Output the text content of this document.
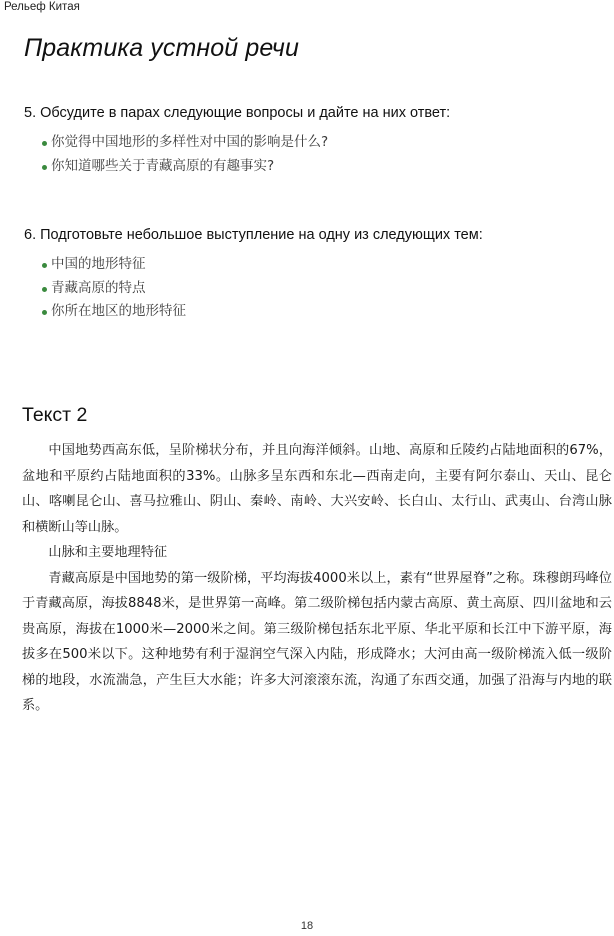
Рельеф Китая
Практика устной речи

5. Обсудите в парах следующие вопросы и дайте на них ответ:

你觉得中国地形的多样性对中国的影响是什么?
你知道哪些关于青藏高原的有趣事实?

6. Подготовьте небольшое выступление на одну из следующих тем:

中国的地形特征
青藏高原的特点
你所在地区的地形特征
Текст 2

中国地势西高东低，呈阶梯状分布，并且向海洋倾斜。山地、高原和丘陵约占陆地面积的67%，盆地和平原约占陆地面积的33%。山脉多呈东西和东北—西南走向，主要有阿尔泰山、天山、昆仑山、喀喇昆仑山、喜马拉雅山、阴山、秦岭、南岭、大兴安岭、长白山、太行山、武夷山、台湾山脉和横断山等山脉。

山脉和主要地理特征

青藏高原是中国地势的第一级阶梯，平均海拔4000米以上，素有“世界屋脊”之称。珠穆朗玛峰位于青藏高原，海拔8848米，是世界第一高峰。第二级阶梯包括内蒙古高原、黄土高原、四川盆地和云贵高原，海拔在1000米—2000米之间。第三级阶梯包括东北平原、华北平原和长江中下游平原，海拔多在500米以下。这种地势有利于湿润空气深入内陆，形成降水；大河由高一级阶梯流入低一级阶梯的地段，水流湍急，产生巨大水能；许多大河滚滚东流，沟通了东西交通，加强了沿海与内地的联系。

18
